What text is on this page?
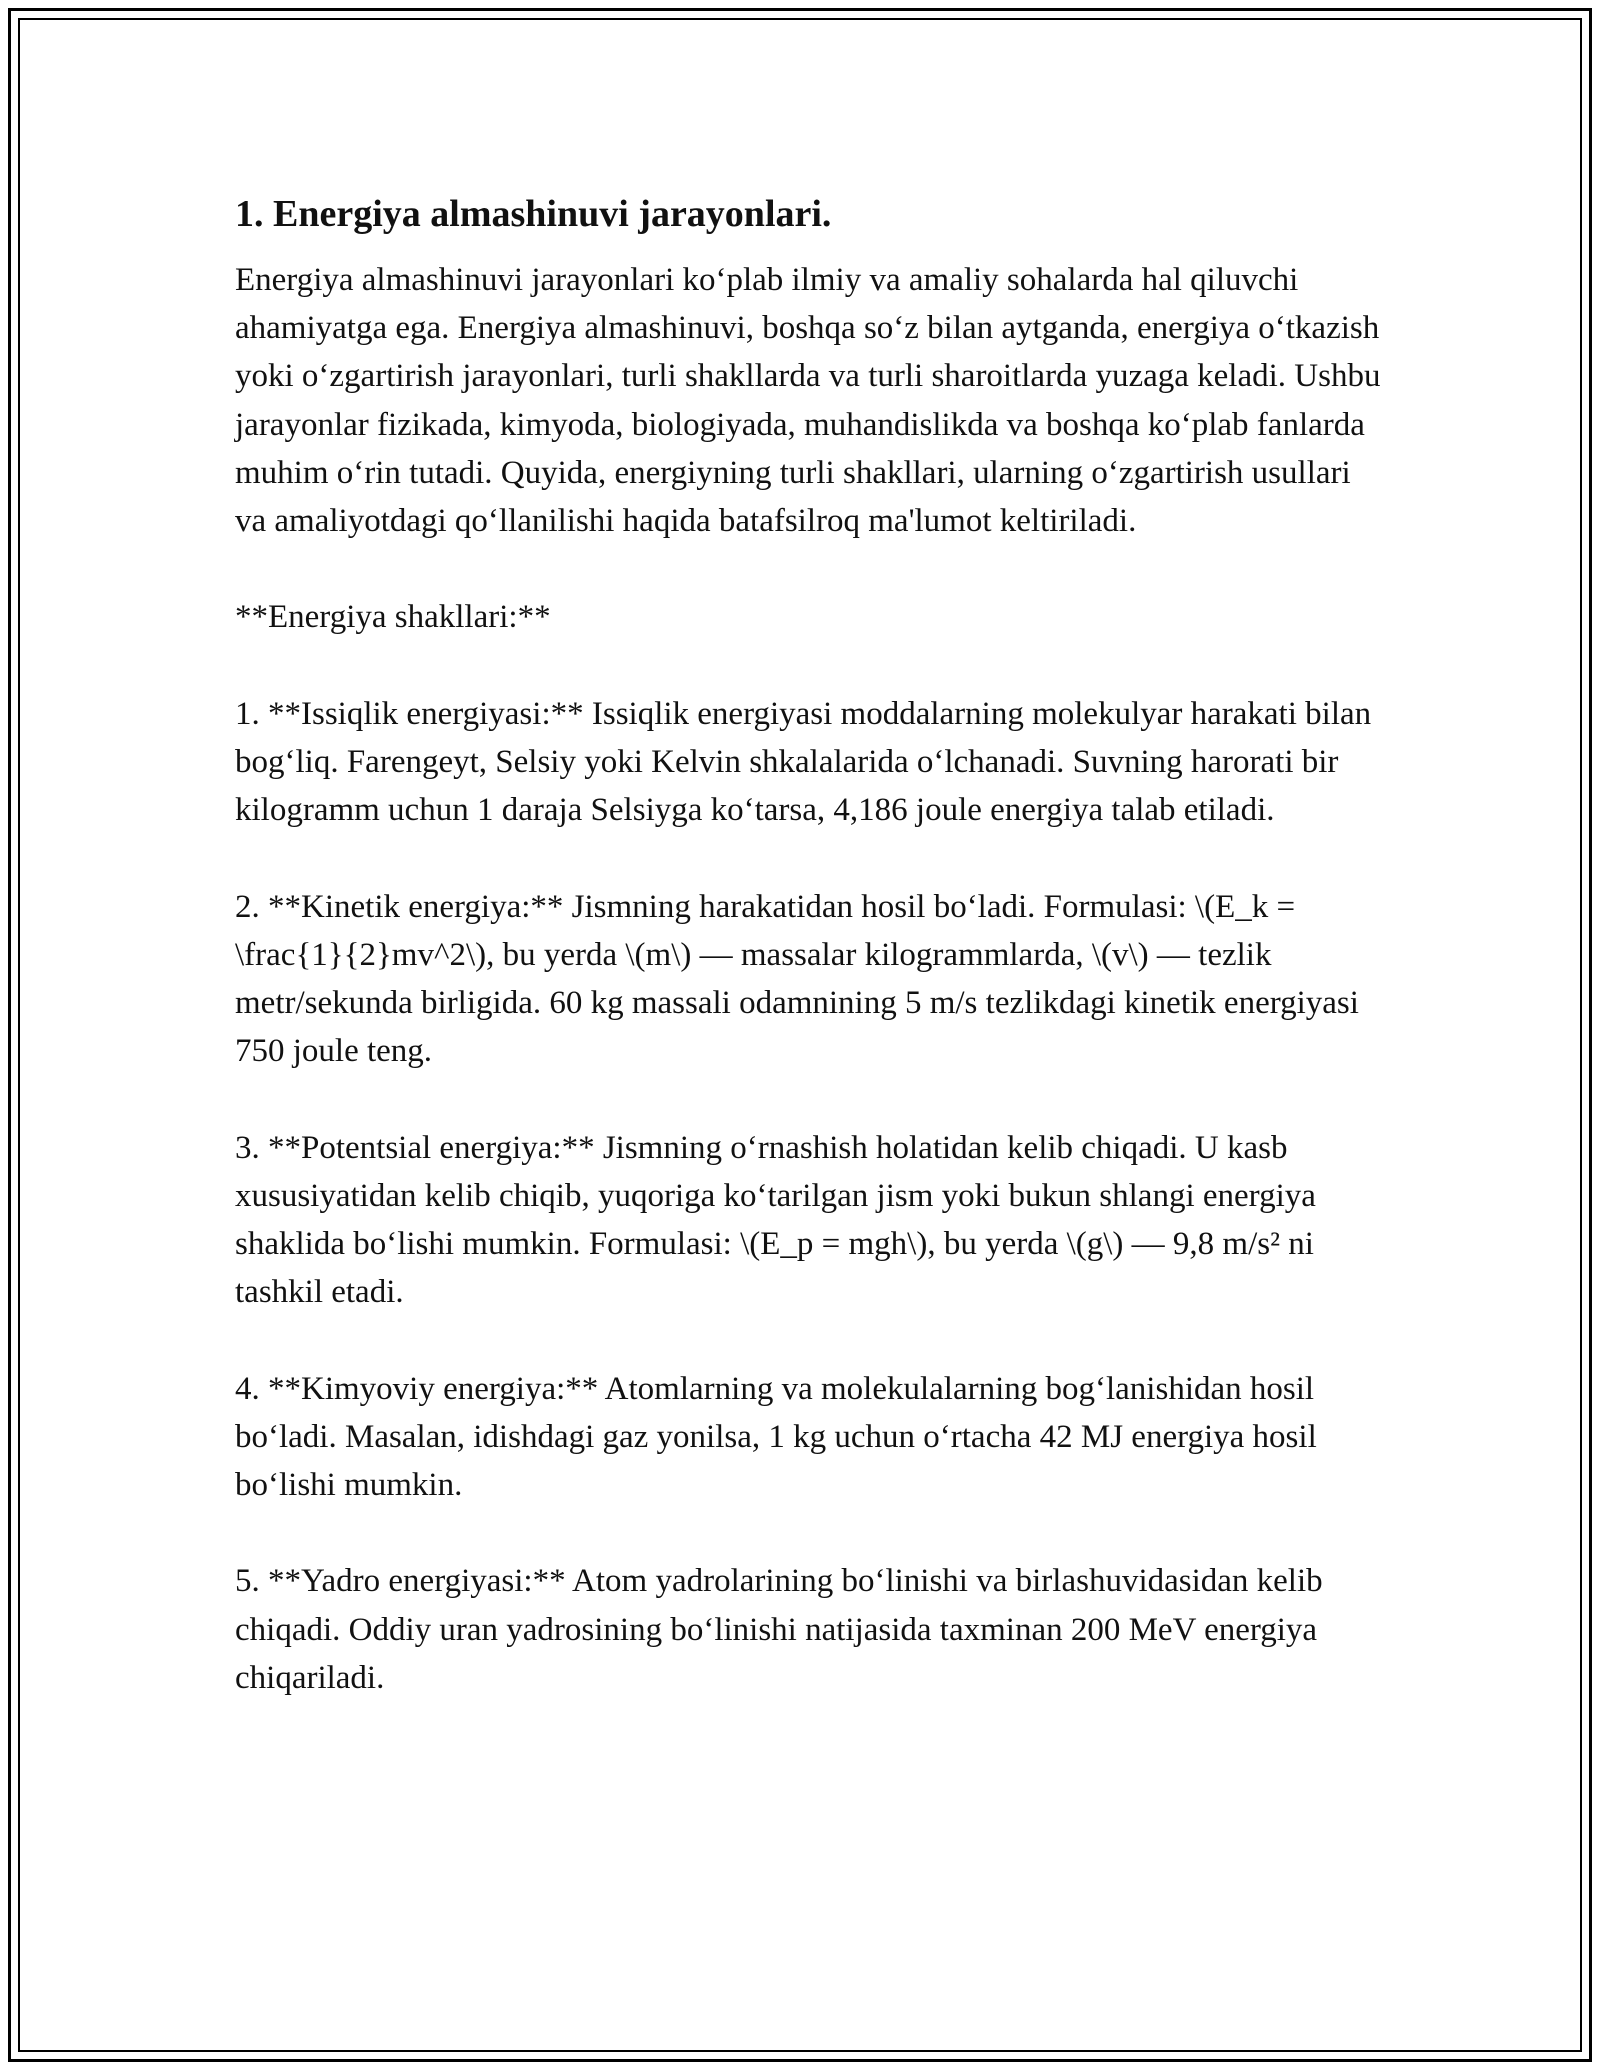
1. Energiya almashinuvi jarayonlari.

Energiya almashinuvi jarayonlari ko‘plab ilmiy va amaliy sohalarda hal qiluvchi ahamiyatga ega. Energiya almashinuvi, boshqa so‘z bilan aytganda, energiya o‘tkazish yoki o‘zgartirish jarayonlari, turli shakllarda va turli sharoitlarda yuzaga keladi. Ushbu jarayonlar fizikada, kimyoda, biologiyada, muhandislikda va boshqa ko‘plab fanlarda muhim o‘rin tutadi. Quyida, energiyning turli shakllari, ularning o‘zgartirish usullari va amaliyotdagi qo‘llanilishi haqida batafsilroq ma'lumot keltiriladi.

**Energiya shakllari:**

1. **Issiqlik energiyasi:** Issiqlik energiyasi moddalarning molekulyar harakati bilan bog‘liq. Farengeyt, Selsiy yoki Kelvin shkalalarida o‘lchanadi. Suvning harorati bir kilogramm uchun 1 daraja Selsiyga ko‘tarsa, 4,186 joule energiya talab etiladi.

2. **Kinetik energiya:** Jismning harakatidan hosil bo‘ladi. Formulasi: \(E_k = \frac{1}{2}mv^2\), bu yerda \(m\) — massalar kilogrammlarda, \(v\) — tezlik metr/sekunda birligida. 60 kg massali odamnining 5 m/s tezlikdagi kinetik energiyasi 750 joule teng.

3. **Potentsial energiya:** Jismning o‘rnashish holatidan kelib chiqadi. U kasb xususiyatidan kelib chiqib, yuqoriga ko‘tarilgan jism yoki bukun shlangi energiya shaklida bo‘lishi mumkin. Formulasi: \(E_p = mgh\), bu yerda \(g\) — 9,8 m/s² ni tashkil etadi.

4. **Kimyoviy energiya:** Atomlarning va molekulalarning bog‘lanishidan hosil bo‘ladi. Masalan, idishdagi gaz yonilsa, 1 kg uchun o‘rtacha 42 MJ energiya hosil bo‘lishi mumkin.

5. **Yadro energiyasi:** Atom yadrolarining bo‘linishi va birlashuvidasidan kelib chiqadi. Oddiy uran yadrosining bo‘linishi natijasida taxminan 200 MeV energiya chiqariladi.
